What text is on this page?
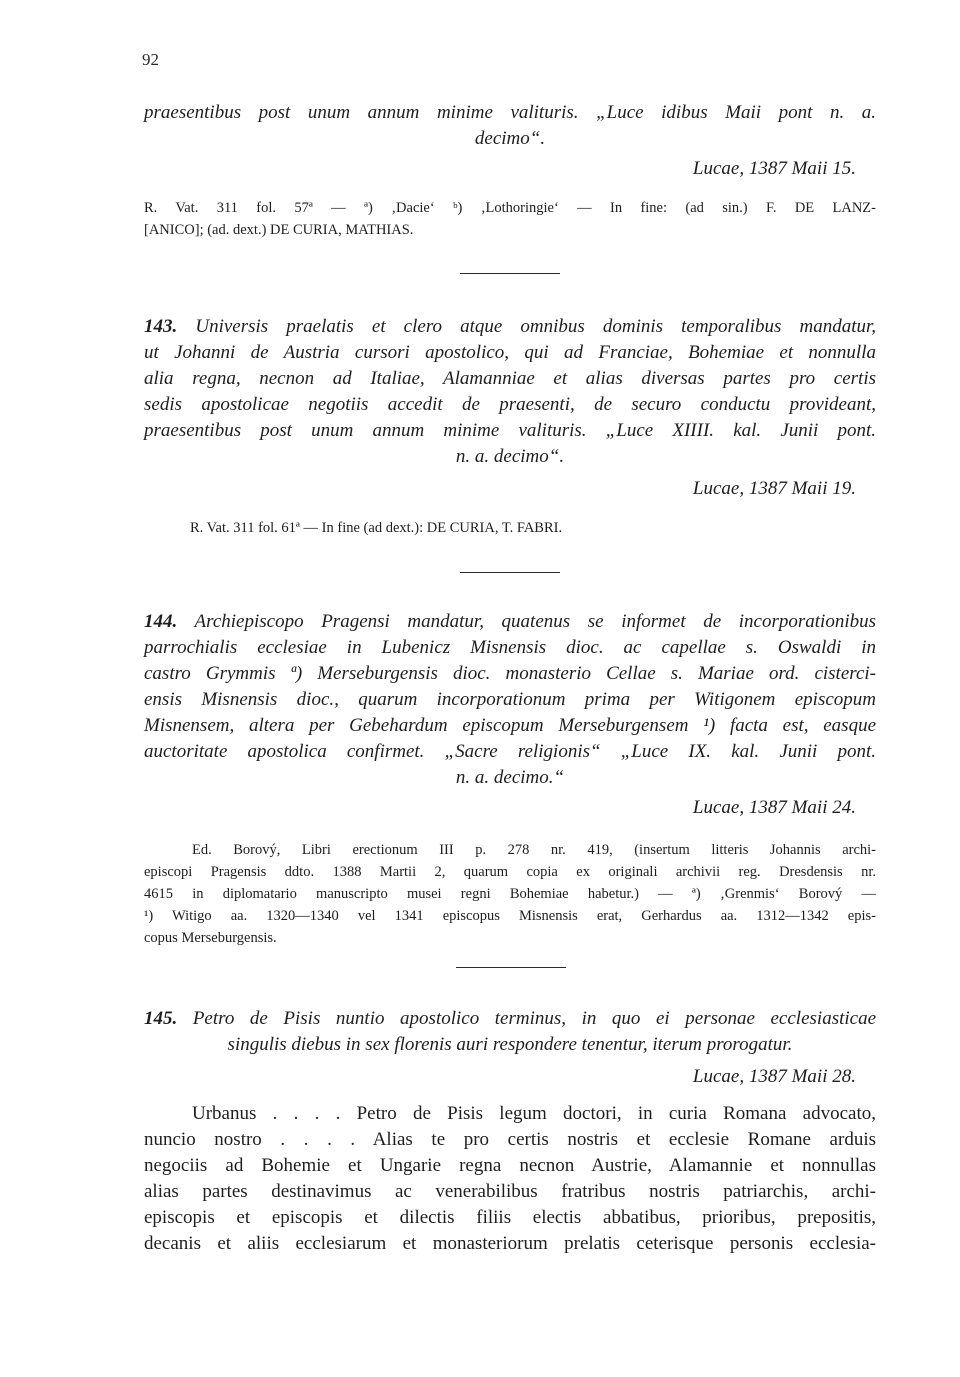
92
praesentibus post unum annum minime valituris. „Luce idibus Maii pont n. a.
decimo“.
Lucae, 1387 Maii 15.
R. Vat. 311 fol. 57ª — ª) ‚Dacie‘ ᵇ) ‚Lothoringie‘ — In fine: (ad sin.) F. DE LANZ-
[ANICO]; (ad. dext.) DE CURIA, MATHIAS.
143. Universis praelatis et clero atque omnibus dominis temporalibus mandatur,
ut Johanni de Austria cursori apostolico, qui ad Franciae, Bohemiae et nonnulla
alia regna, necnon ad Italiae, Alamanniae et alias diversas partes pro certis
sedis apostolicae negotiis accedit de praesenti, de securo conductu provideant,
praesentibus post unum annum minime valituris. „Luce XIIII. kal. Junii pont.
n. a. decimo“.
Lucae, 1387 Maii 19.
R. Vat. 311 fol. 61ª — In fine (ad dext.): DE CURIA, T. FABRI.
144. Archiepiscopo Pragensi mandatur, quatenus se informet de incorporationibus
parrochialis ecclesiae in Lubenicz Misnensis dioc. ac capellae s. Oswaldi in
castro Grymmis ª) Merseburgensis dioc. monasterio Cellae s. Mariae ord. cisterci-
ensis Misnensis dioc., quarum incorporationum prima per Witigonem episcopum
Misnensem, altera per Gebehardum episcopum Merseburgensem ¹) facta est, easque
auctoritate apostolica confirmet. „Sacre religionis“ „Luce IX. kal. Junii pont.
n. a. decimo.“
Lucae, 1387 Maii 24.
Ed. Borový, Libri erectionum III p. 278 nr. 419, (insertum litteris Johannis archi-
episcopi Pragensis ddto. 1388 Martii 2, quarum copia ex originali archivii reg. Dresdensis nr.
4615 in diplomatario manuscripto musei regni Bohemiae habetur.) — ª) ‚Grenmis‘ Borový —
¹) Witigo aa. 1320—1340 vel 1341 episcopus Misnensis erat, Gerhardus aa. 1312—1342 epis-
copus Merseburgensis.
145. Petro de Pisis nuntio apostolico terminus, in quo ei personae ecclesiasticae
singulis diebus in sex florenis auri respondere tenentur, iterum prorogatur.
Lucae, 1387 Maii 28.
Urbanus . . . . Petro de Pisis legum doctori, in curia Romana advocato,
nuncio nostro . . . . Alias te pro certis nostris et ecclesie Romane arduis
negociis ad Bohemie et Ungarie regna necnon Austrie, Alamannie et nonnullas
alias partes destinavimus ac venerabilibus fratribus nostris patriarchis, archi-
episcopis et episcopis et dilectis filiis electis abbatibus, prioribus, prepositis,
decanis et aliis ecclesiarum et monasteriorum prelatis ceterisque personis ecclesia-
